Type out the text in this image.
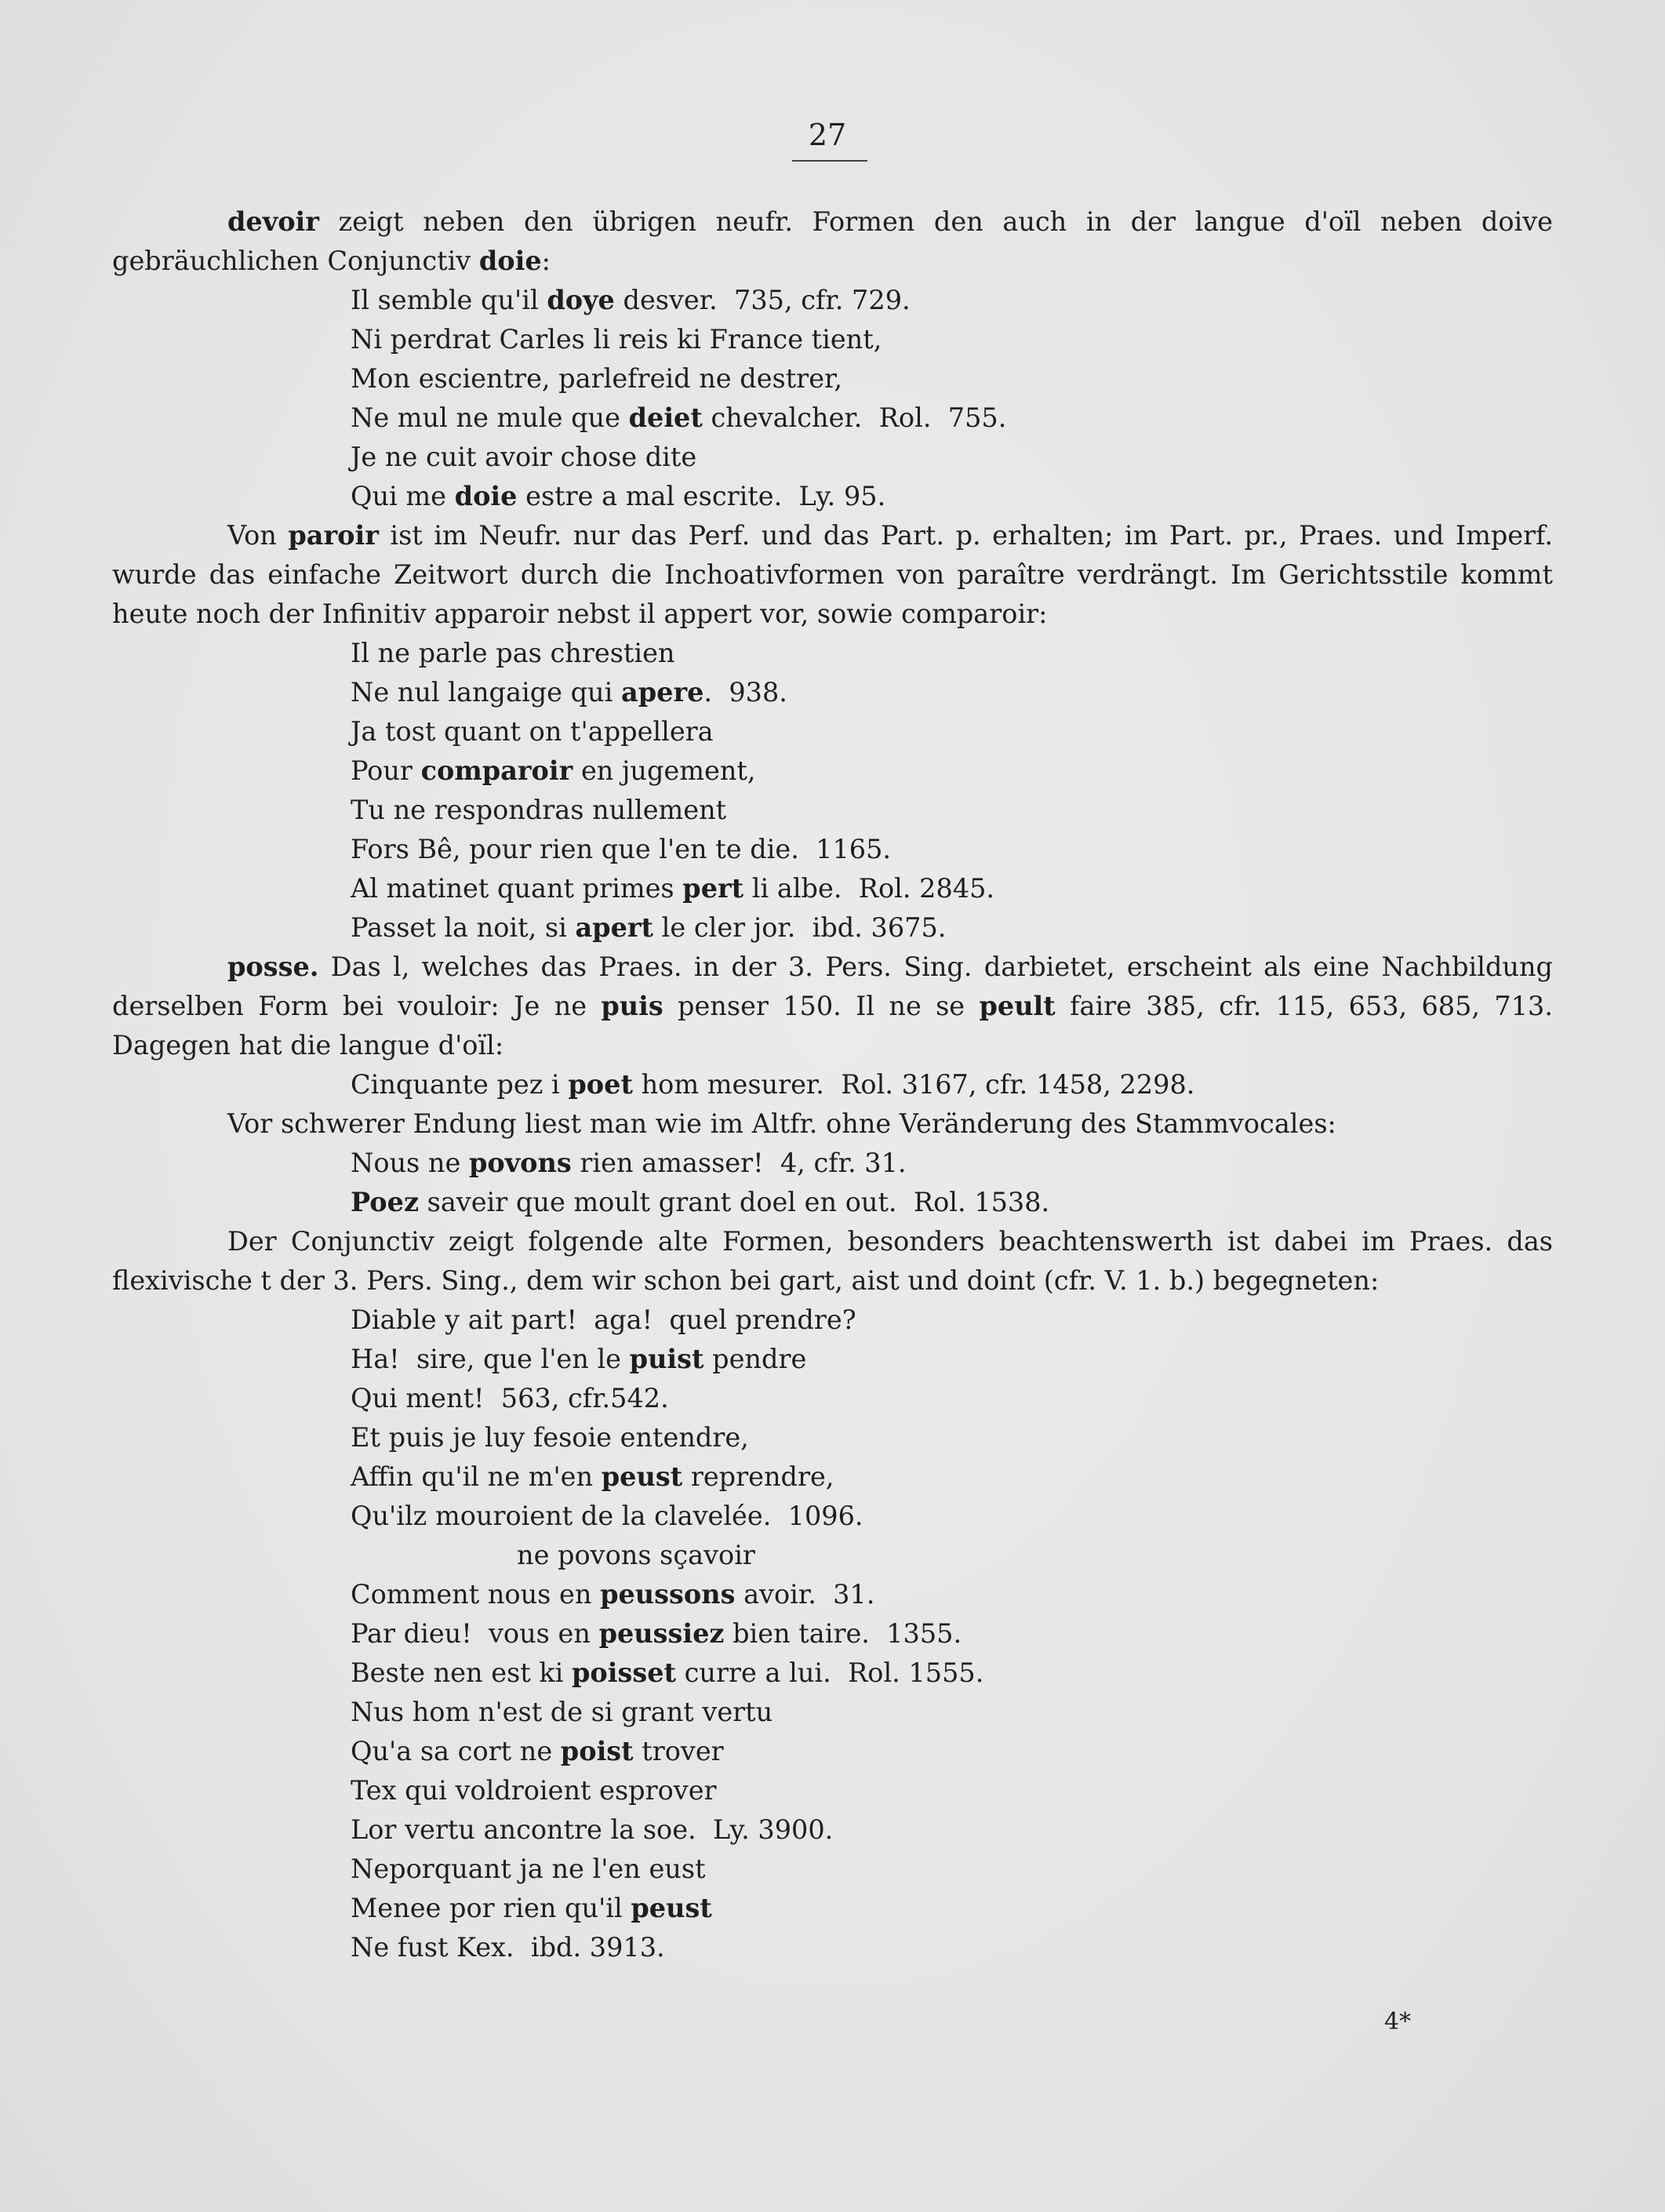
27
devoir zeigt neben den übrigen neufr. Formen den auch in der langue d'oïl neben doive gebräuchlichen Conjunctiv doie:
Il semble qu'il doye desver.  735, cfr. 729.
Ni perdrat Carles li reis ki France tient,
Mon escientre, parlefreid ne destrer,
Ne mul ne mule que deiet chevalcher.  Rol.  755.
Je ne cuit avoir chose dite
Qui me doie estre a mal escrite.  Ly. 95.
Von paroir ist im Neufr. nur das Perf. und das Part. p. erhalten; im Part. pr., Praes. und Imperf. wurde das einfache Zeitwort durch die Inchoativformen von paraître verdrängt. Im Gerichtsstile kommt heute noch der Infinitiv apparoir nebst il appert vor, sowie comparoir:
Il ne parle pas chrestien
Ne nul langaige qui apere.  938.
Ja tost quant on t'appellera
Pour comparoir en jugement,
Tu ne respondras nullement
Fors Bê, pour rien que l'en te die.  1165.
Al matinet quant primes pert li albe.  Rol. 2845.
Passet la noit, si apert le cler jor.  ibd. 3675.
posse. Das l, welches das Praes. in der 3. Pers. Sing. darbietet, erscheint als eine Nachbildung derselben Form bei vouloir: Je ne puis penser 150. Il ne se peult faire 385, cfr. 115, 653, 685, 713. Dagegen hat die langue d'oïl:
Cinquante pez i poet hom mesurer.  Rol. 3167, cfr. 1458, 2298.
Vor schwerer Endung liest man wie im Altfr. ohne Veränderung des Stammvocales:
Nous ne povons rien amasser!  4, cfr. 31.
Poez saveir que moult grant doel en out.  Rol. 1538.
Der Conjunctiv zeigt folgende alte Formen, besonders beachtenswerth ist dabei im Praes. das flexivische t der 3. Pers. Sing., dem wir schon bei gart, aist und doint (cfr. V. 1. b.) begegneten:
Diable y ait part!  aga!  quel prendre?
Ha!  sire, que l'en le puist pendre
Qui ment!  563, cfr.542.
Et puis je luy fesoie entendre,
Affin qu'il ne m'en peust reprendre,
Qu'ilz mouroient de la clavelée.  1096.
ne povons sçavoir
Comment nous en peussons avoir.  31.
Par dieu!  vous en peussiez bien taire.  1355.
Beste nen est ki poisset curre a lui.  Rol. 1555.
Nus hom n'est de si grant vertu
Qu'a sa cort ne poist trover
Tex qui voldroient esprover
Lor vertu ancontre la soe.  Ly. 3900.
Neporquant ja ne l'en eust
Menee por rien qu'il peust
Ne fust Kex.  ibd. 3913.
4*
